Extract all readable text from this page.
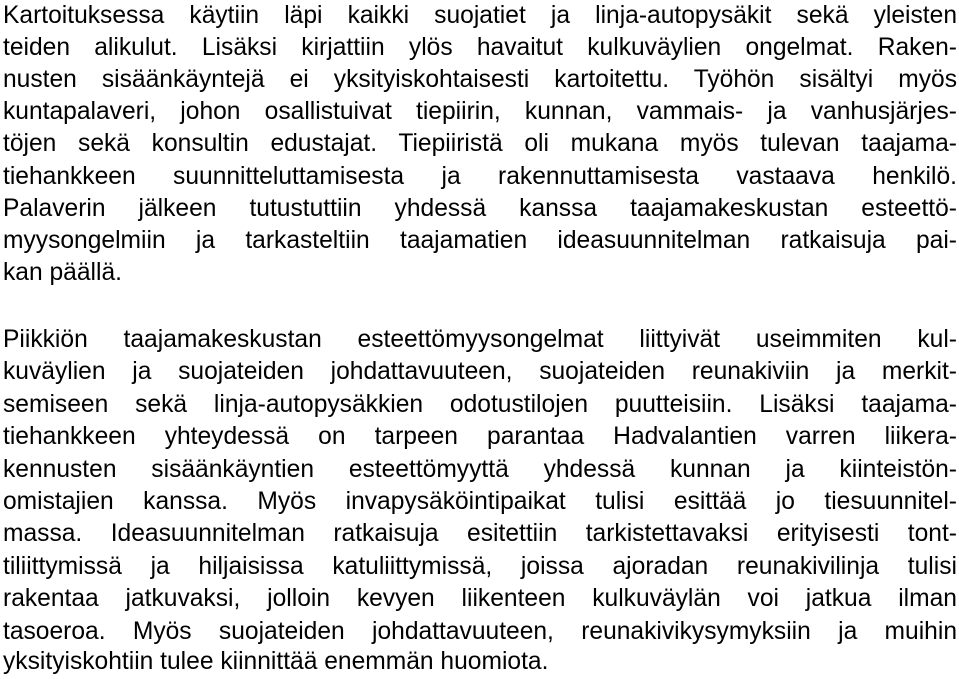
Kartoituksessa käytiin läpi kaikki suojatiet ja linja-autopysäkit sekä yleisten
teiden alikulut. Lisäksi kirjattiin ylös havaitut kulkuväylien ongelmat. Raken-
nusten sisäänkäyntejä ei yksityiskohtaisesti kartoitettu. Työhön sisältyi myös
kuntapalaveri, johon osallistuivat tiepiirin, kunnan, vammais- ja vanhusjärjes-
töjen sekä konsultin edustajat. Tiepiiristä oli mukana myös tulevan taajama-
tiehankkeen suunnitteluttamisesta ja rakennuttamisesta vastaava henkilö.
Palaverin jälkeen tutustuttiin yhdessä kanssa taajamakeskustan esteettö-
myysongelmiin ja tarkasteltiin taajamatien ideasuunnitelman ratkaisuja pai-
kan päällä.
Piikkiön taajamakeskustan esteettömyysongelmat liittyivät useimmiten kul-
kuväylien ja suojateiden johdattavuuteen, suojateiden reunakiviin ja merkit-
semiseen sekä linja-autopysäkkien odotustilojen puutteisiin. Lisäksi taajama-
tiehankkeen yhteydessä on tarpeen parantaa Hadvalantien varren liikera-
kennusten sisäänkäyntien esteettömyyttä yhdessä kunnan ja kiinteistön-
omistajien kanssa. Myös invapysäköintipaikat tulisi esittää jo tiesuunnitel-
massa. Ideasuunnitelman ratkaisuja esitettiin tarkistettavaksi erityisesti tont-
tiliittymissä ja hiljaisissa katuliittymissä, joissa ajoradan reunakivilinja tulisi
rakentaa jatkuvaksi, jolloin kevyen liikenteen kulkuväylän voi jatkua ilman
tasoeroa. Myös suojateiden johdattavuuteen, reunakivikysymyksiin ja muihin
yksityiskohtiin tulee kiinnittää enemmän huomiota.
